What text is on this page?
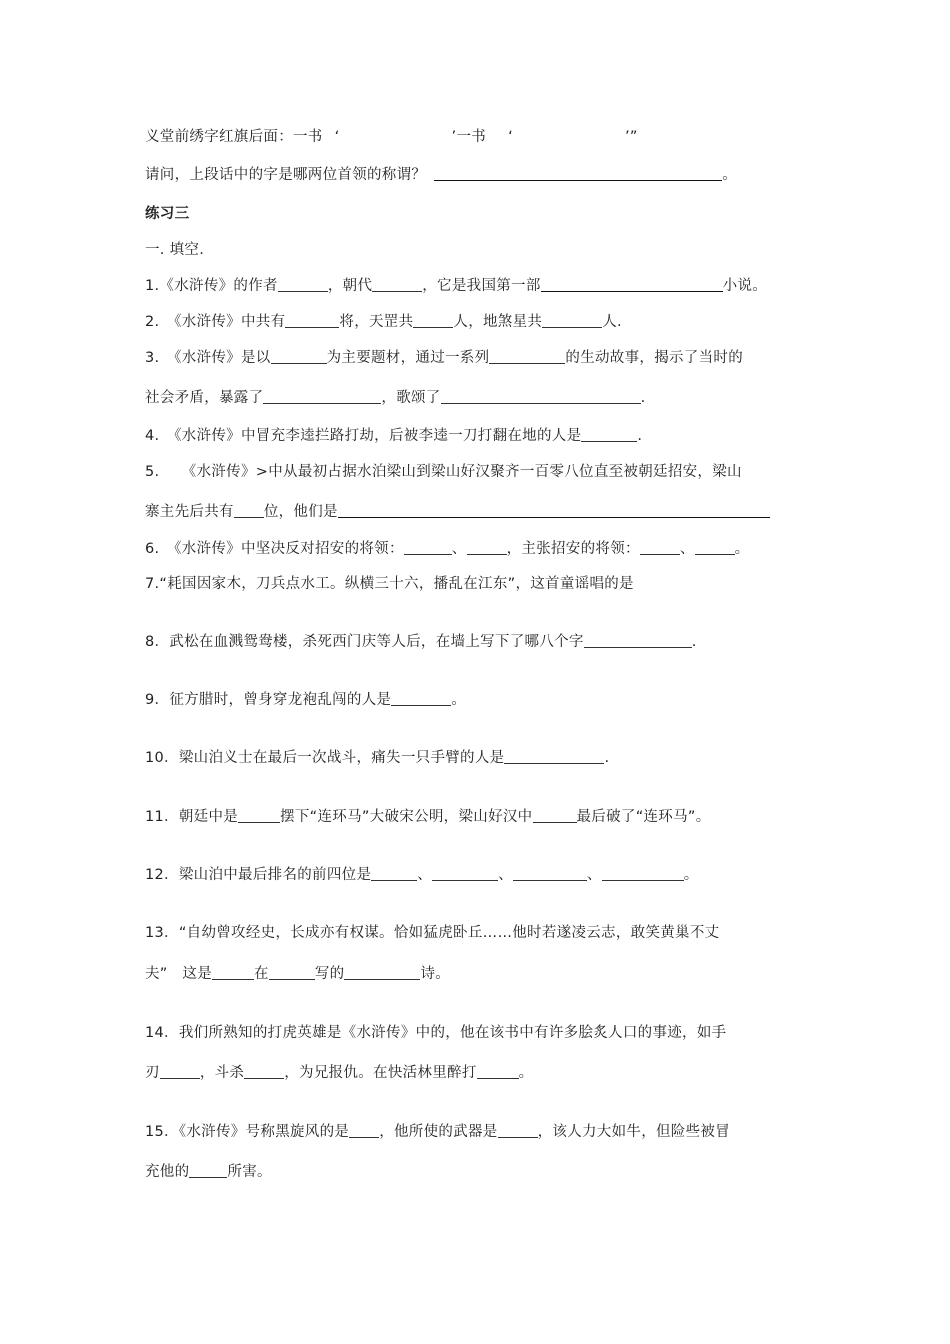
义堂前绣字红旗后面：一书 ‘	’一书 ‘	’”
请问，上段话中的字是哪两位首领的称谓？	。
练习三
一. 填空.
1.《水浒传》的作者	，朝代	，它是我国第一部	小说。
2.　《水浒传》中共有	将，天罡共	人，地煞星共	人.
3.　《水浒传》是以	为主要题材，通过一系列	的生动故事，揭示了当时的
社会矛盾，暴露了	，歌颂了	.
4.　《水浒传》中冒充李逵拦路打劫，后被李逵一刀打翻在地的人是	.
5.　　《水浒传》>中从最初占据水泊梁山到梁山好汉聚齐一百零八位直至被朝廷招安，梁山
寨主先后共有 位，他们是
6.　《水浒传》中坚决反对招安的将领：	、	，主张招安的将领：	、	。
7.“耗国因家木，刀兵点水工。纵横三十六，播乱在江东”，这首童谣唱的是
8．武松在血溅鸳鸯楼，杀死西门庆等人后，在墙上写下了哪八个字	.
9．征方腊时，曾身穿龙袍乱闯的人是	。
10．梁山泊义士在最后一次战斗，痛失一只手臂的人是	.
11．朝廷中是	摆下“连环马”大破宋公明，梁山好汉中	最后破了“连环马”。
12．梁山泊中最后排名的前四位是	、	、	、	。
13．“自幼曾攻经史，长成亦有权谋。恰如猛虎卧丘……他时若遂凌云志，敢笑黄巢不丈
夫”　这是	在	写的	诗。
14．我们所熟知的打虎英雄是《水浒传》中的，他在该书中有许多脍炙人口的事迹，如手
刃	，斗杀	，为兄报仇。在快活林里醉打	。
15．《水浒传》号称黑旋风的是 ，他所使的武器是	，该人力大如牛，但险些被冒
充他的	所害。
